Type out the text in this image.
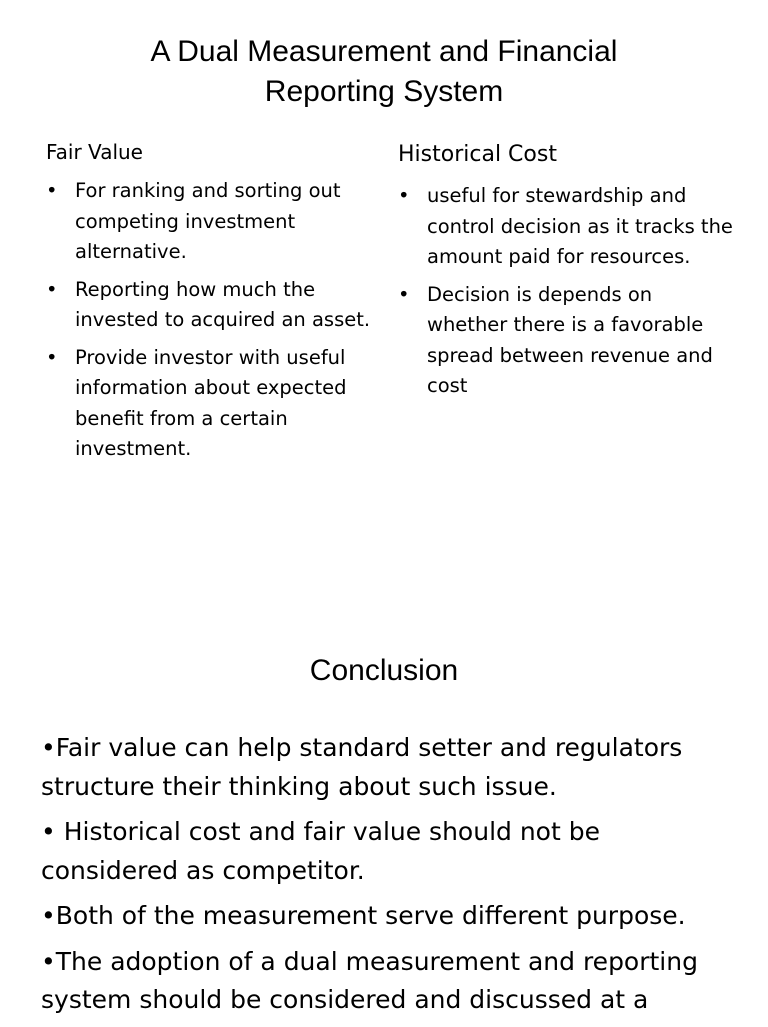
A Dual Measurement and Financial
Reporting System
Fair Value
• For ranking and sorting out competing investment alternative.
• Reporting how much the invested to acquired an asset.
• Provide investor with useful information about expected benefit from a certain investment.
Historical Cost
• useful for stewardship and control decision as it tracks the amount paid for resources.
• Decision is depends on whether there is a favorable spread between revenue and cost
Conclusion
•Fair value can help standard setter and regulators structure their thinking about such issue.
• Historical cost and fair value should not be considered as competitor.
•Both of the measurement serve different purpose.
•The adoption of a dual measurement and reporting system should be considered and discussed at a
